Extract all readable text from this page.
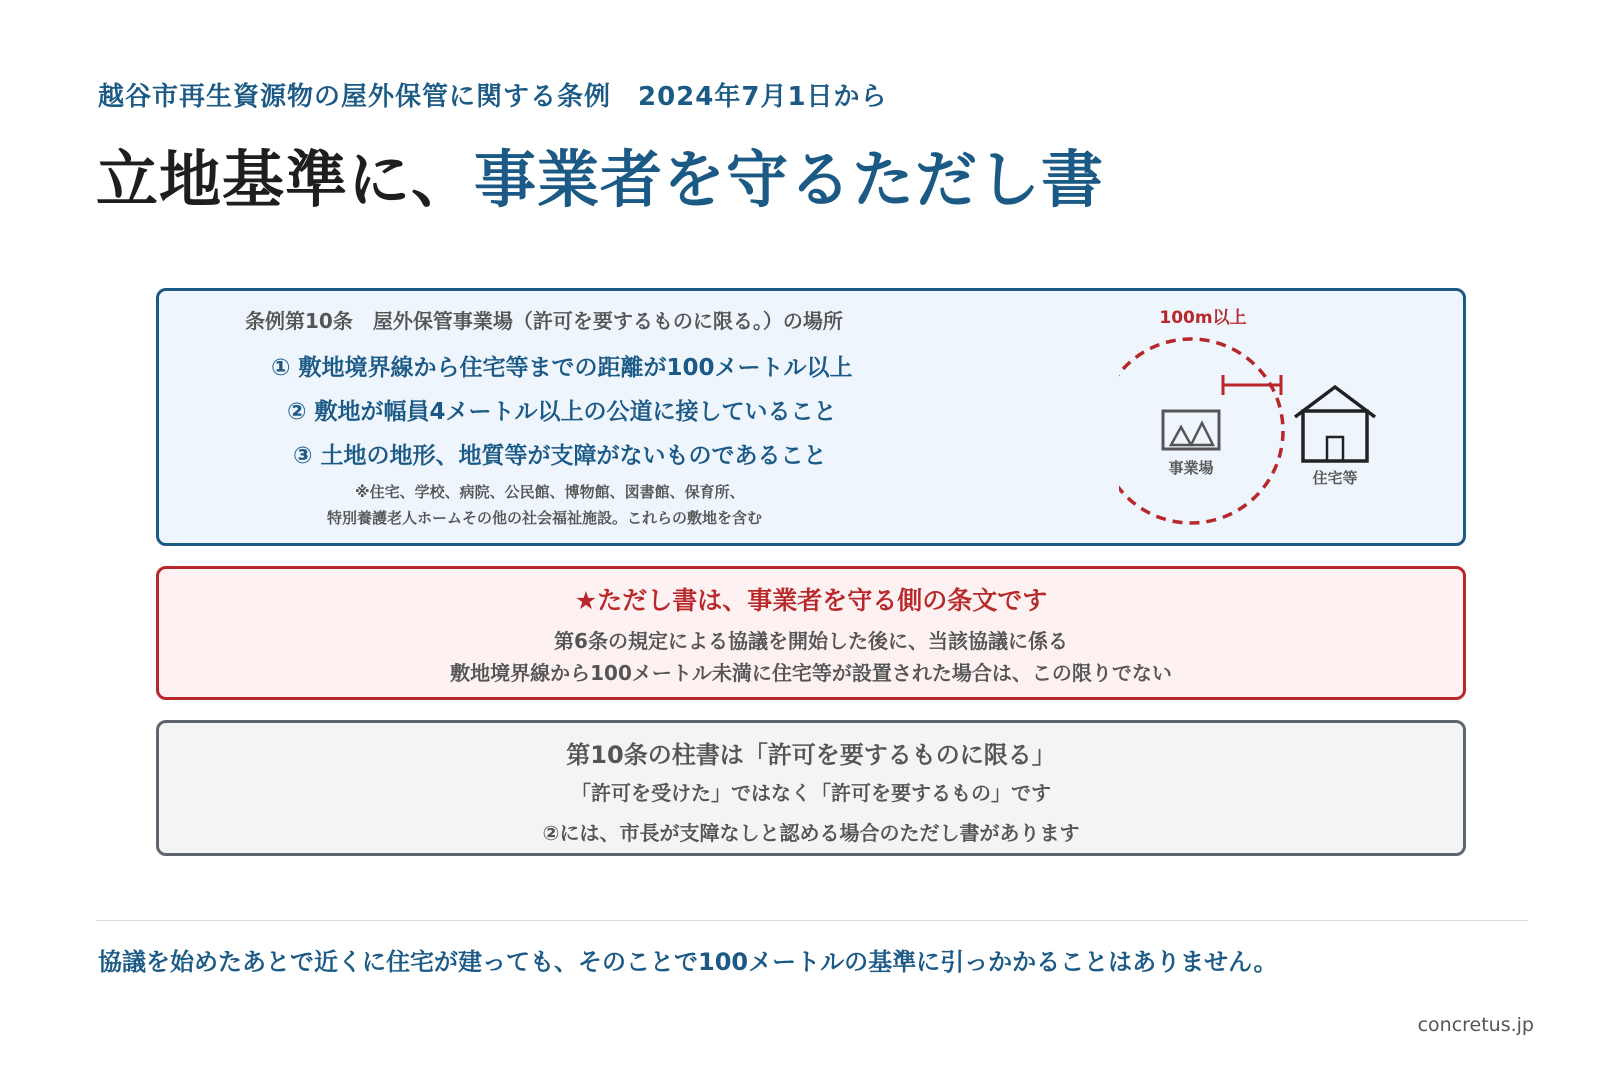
越谷市再生資源物の屋外保管に関する条例　2024年7月1日から
立地基準に、事業者を守るただし書
条例第10条　屋外保管事業場（許可を要するものに限る。）の場所
① 敷地境界線から住宅等までの距離が100メートル以上
② 敷地が幅員4メートル以上の公道に接していること
③ 土地の地形、地質等が支障がないものであること
※住宅、学校、病院、公民館、博物館、図書館、保育所、
特別養護老人ホームその他の社会福祉施設。これらの敷地を含む
100m以上
事業場
住宅等
★ただし書は、事業者を守る側の条文です
第6条の規定による協議を開始した後に、当該協議に係る
敷地境界線から100メートル未満に住宅等が設置された場合は、この限りでない
第10条の柱書は「許可を要するものに限る」
「許可を受けた」ではなく「許可を要するもの」です
②には、市長が支障なしと認める場合のただし書があります
協議を始めたあとで近くに住宅が建っても、そのことで100メートルの基準に引っかかることはありません。
concretus.jp
